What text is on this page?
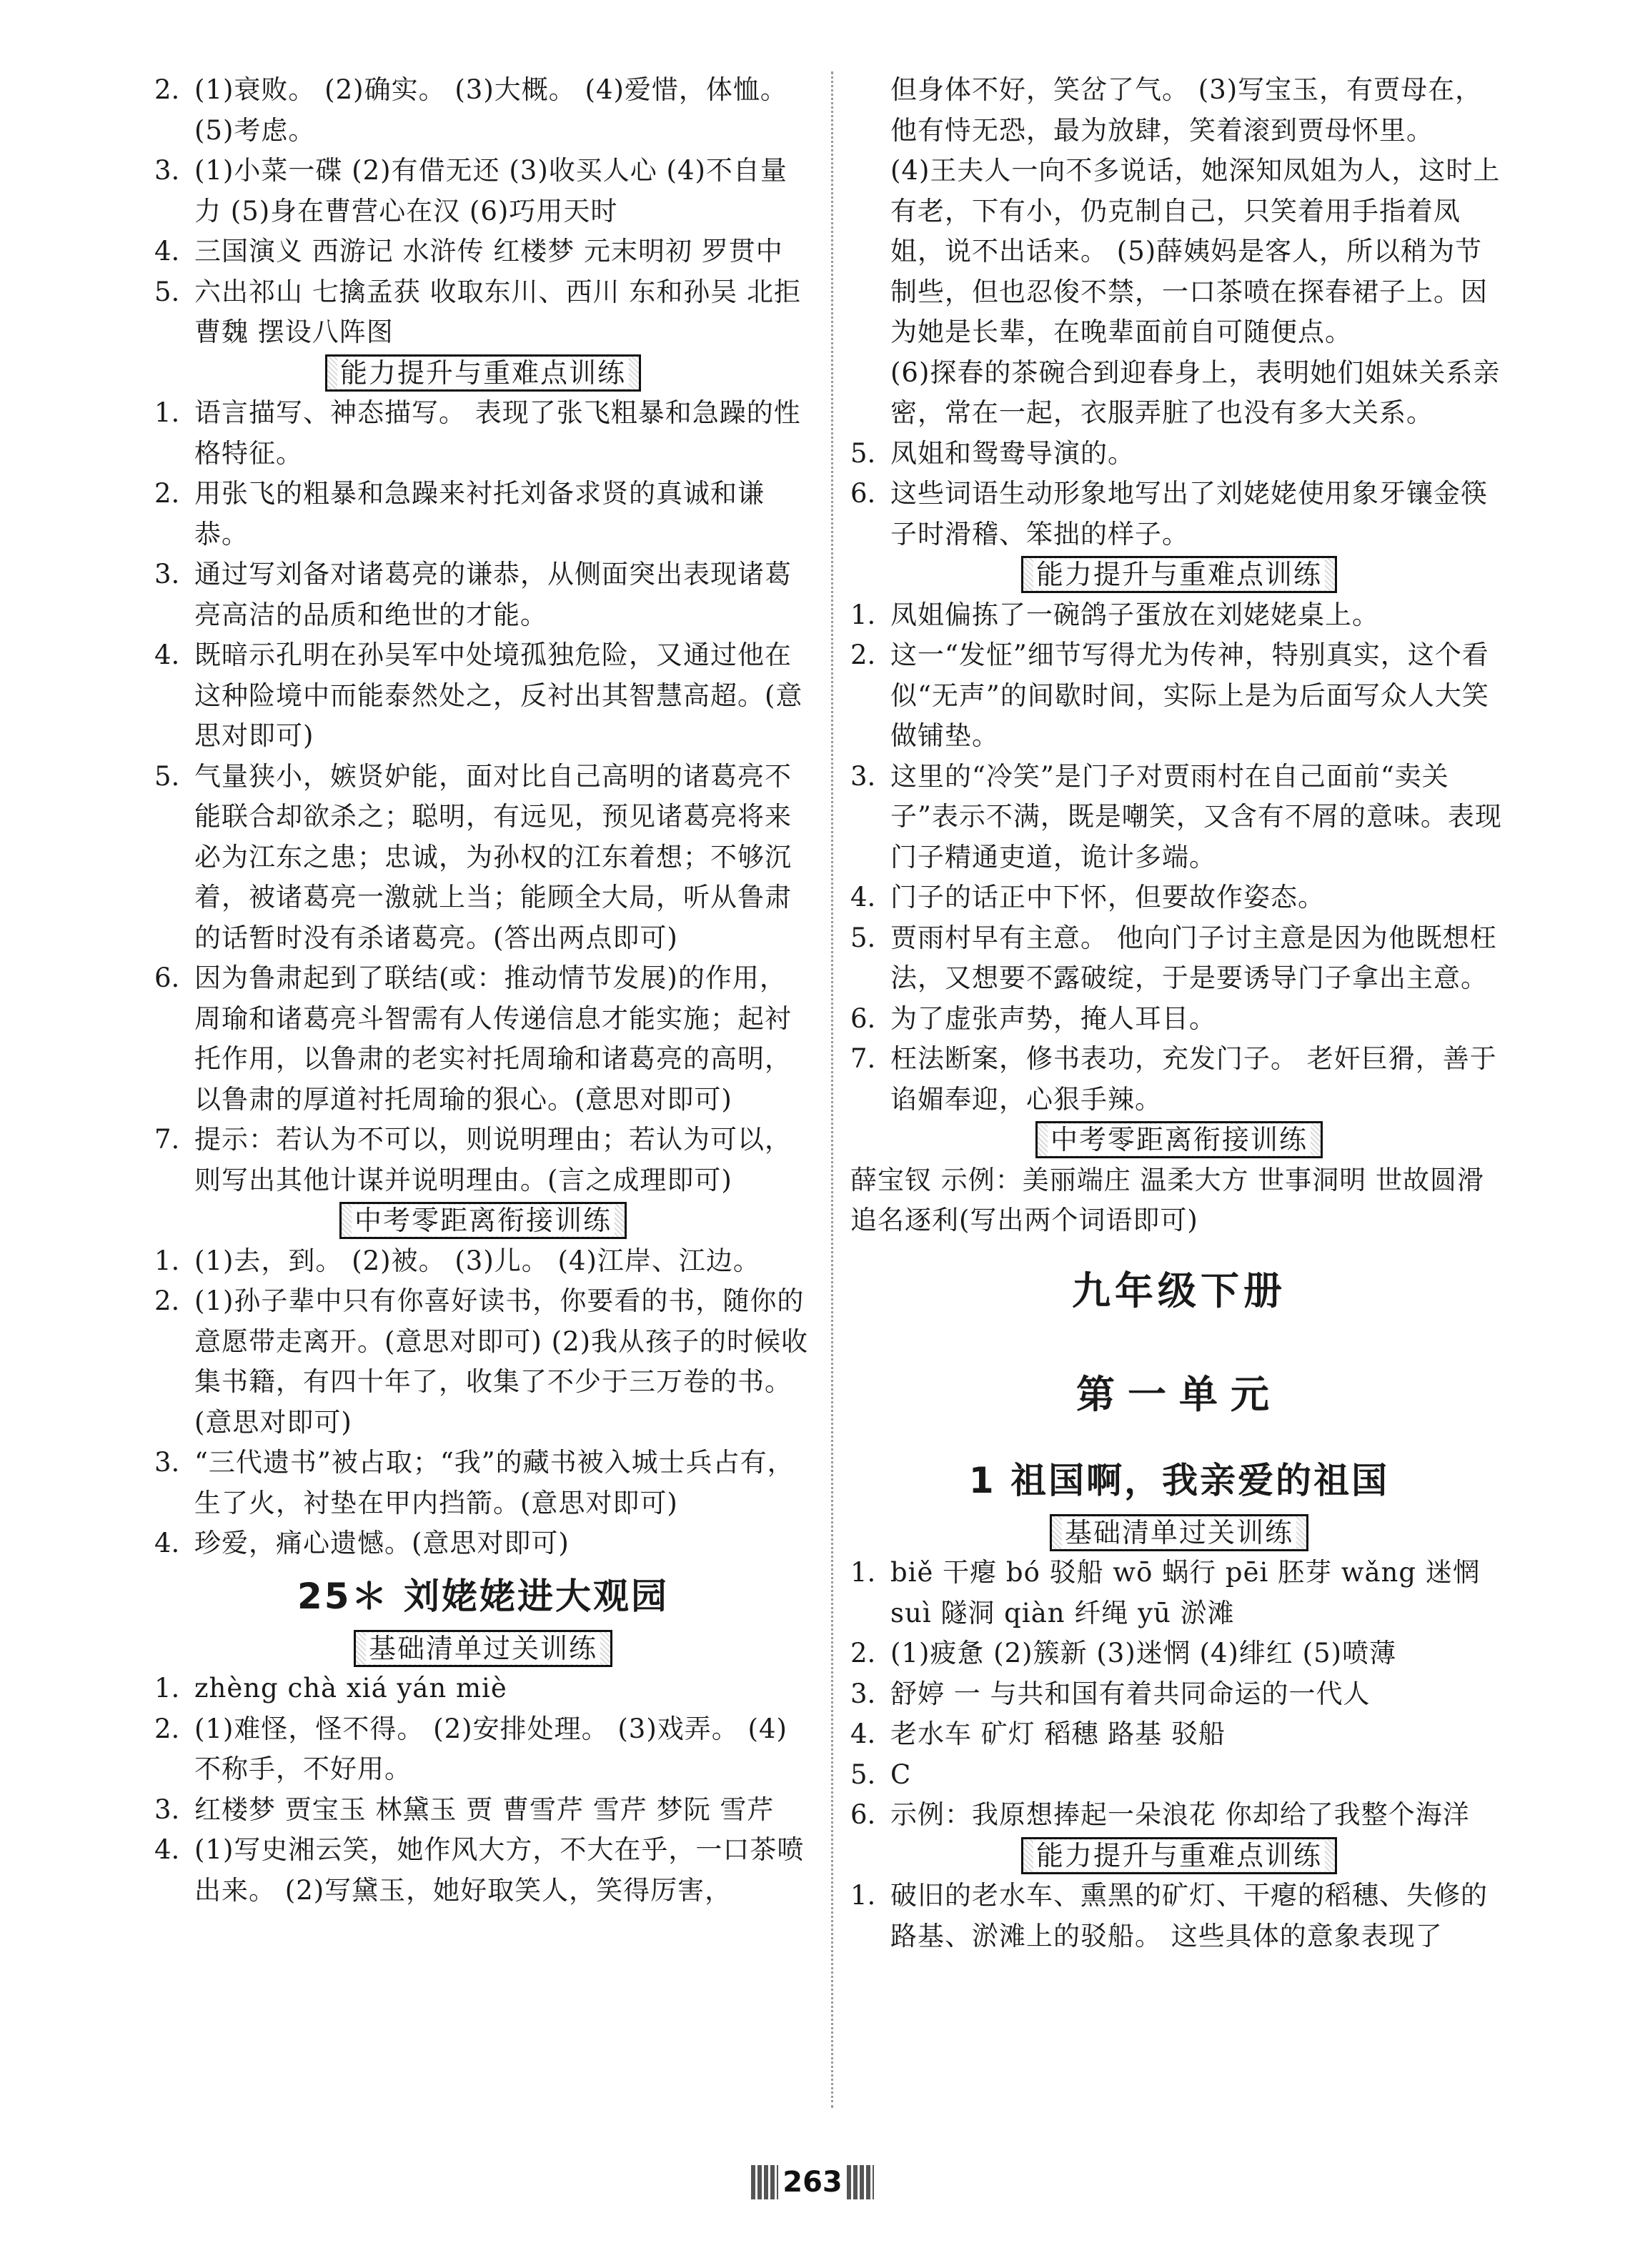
2. (1)衰败。 (2)确实。 (3)大概。 (4)爱惜，体恤。 (5)考虑。
3. (1)小菜一碟 (2)有借无还 (3)收买人心 (4)不自量力 (5)身在曹营心在汉 (6)巧用天时
4. 三国演义 西游记 水浒传 红楼梦 元末明初 罗贯中
5. 六出祁山 七擒孟获 收取东川、西川 东和孙吴 北拒曹魏 摆设八阵图
能力提升与重难点训练
1. 语言描写、神态描写。 表现了张飞粗暴和急躁的性格特征。
2. 用张飞的粗暴和急躁来衬托刘备求贤的真诚和谦恭。
3. 通过写刘备对诸葛亮的谦恭，从侧面突出表现诸葛亮高洁的品质和绝世的才能。
4. 既暗示孔明在孙吴军中处境孤独危险，又通过他在这种险境中而能泰然处之，反衬出其智慧高超。(意思对即可)
5. 气量狭小，嫉贤妒能，面对比自己高明的诸葛亮不能联合却欲杀之；聪明，有远见，预见诸葛亮将来必为江东之患；忠诚，为孙权的江东着想；不够沉着，被诸葛亮一激就上当；能顾全大局，听从鲁肃的话暂时没有杀诸葛亮。(答出两点即可)
6. 因为鲁肃起到了联结(或：推动情节发展)的作用，周瑜和诸葛亮斗智需有人传递信息才能实施；起衬托作用，以鲁肃的老实衬托周瑜和诸葛亮的高明，以鲁肃的厚道衬托周瑜的狠心。(意思对即可)
7. 提示：若认为不可以，则说明理由；若认为可以，则写出其他计谋并说明理由。(言之成理即可)
中考零距离衔接训练
1. (1)去，到。 (2)被。 (3)儿。 (4)江岸、江边。
2. (1)孙子辈中只有你喜好读书，你要看的书，随你的意愿带走离开。(意思对即可) (2)我从孩子的时候收集书籍，有四十年了，收集了不少于三万卷的书。(意思对即可)
3. “三代遗书”被占取；“我”的藏书被入城士兵占有，生了火，衬垫在甲内挡箭。(意思对即可)
4. 珍爱，痛心遗憾。(意思对即可)
25＊ 刘姥姥进大观园
基础清单过关训练
1. zhèng chà xiá yán miè
2. (1)难怪，怪不得。 (2)安排处理。 (3)戏弄。 (4)不称手，不好用。
3. 红楼梦 贾宝玉 林黛玉 贾 曹雪芹 雪芹 梦阮 雪芹
4. (1)写史湘云笑，她作风大方，不大在乎，一口茶喷出来。 (2)写黛玉，她好取笑人，笑得厉害，
但身体不好，笑岔了气。 (3)写宝玉，有贾母在，他有恃无恐，最为放肆，笑着滚到贾母怀里。
(4)王夫人一向不多说话，她深知凤姐为人，这时上有老，下有小，仍克制自己，只笑着用手指着凤姐，说不出话来。 (5)薛姨妈是客人，所以稍为节制些，但也忍俊不禁，一口茶喷在探春裙子上。因为她是长辈，在晚辈面前自可随便点。
(6)探春的茶碗合到迎春身上，表明她们姐妹关系亲密，常在一起，衣服弄脏了也没有多大关系。
5. 凤姐和鸳鸯导演的。
6. 这些词语生动形象地写出了刘姥姥使用象牙镶金筷子时滑稽、笨拙的样子。
能力提升与重难点训练
1. 凤姐偏拣了一碗鸽子蛋放在刘姥姥桌上。
2. 这一“发怔”细节写得尤为传神，特别真实，这个看似“无声”的间歇时间，实际上是为后面写众人大笑做铺垫。
3. 这里的“冷笑”是门子对贾雨村在自己面前“卖关子”表示不满，既是嘲笑，又含有不屑的意味。表现门子精通吏道，诡计多端。
4. 门子的话正中下怀，但要故作姿态。
5. 贾雨村早有主意。 他向门子讨主意是因为他既想枉法，又想要不露破绽，于是要诱导门子拿出主意。
6. 为了虚张声势，掩人耳目。
7. 枉法断案，修书表功，充发门子。 老奸巨猾，善于谄媚奉迎，心狠手辣。
中考零距离衔接训练
薛宝钗 示例：美丽端庄 温柔大方 世事洞明 世故圆滑 追名逐利(写出两个词语即可)
九年级下册
第一单元
1 祖国啊，我亲爱的祖国
基础清单过关训练
1. biě 干瘪 bó 驳船 wō 蜗行 pēi 胚芽 wǎng 迷惘 suì 隧洞 qiàn 纤绳 yū 淤滩
2. (1)疲惫 (2)簇新 (3)迷惘 (4)绯红 (5)喷薄
3. 舒婷 一 与共和国有着共同命运的一代人
4. 老水车 矿灯 稻穗 路基 驳船
5. C
6. 示例：我原想捧起一朵浪花 你却给了我整个海洋
能力提升与重难点训练
1. 破旧的老水车、熏黑的矿灯、干瘪的稻穗、失修的路基、淤滩上的驳船。 这些具体的意象表现了
263
